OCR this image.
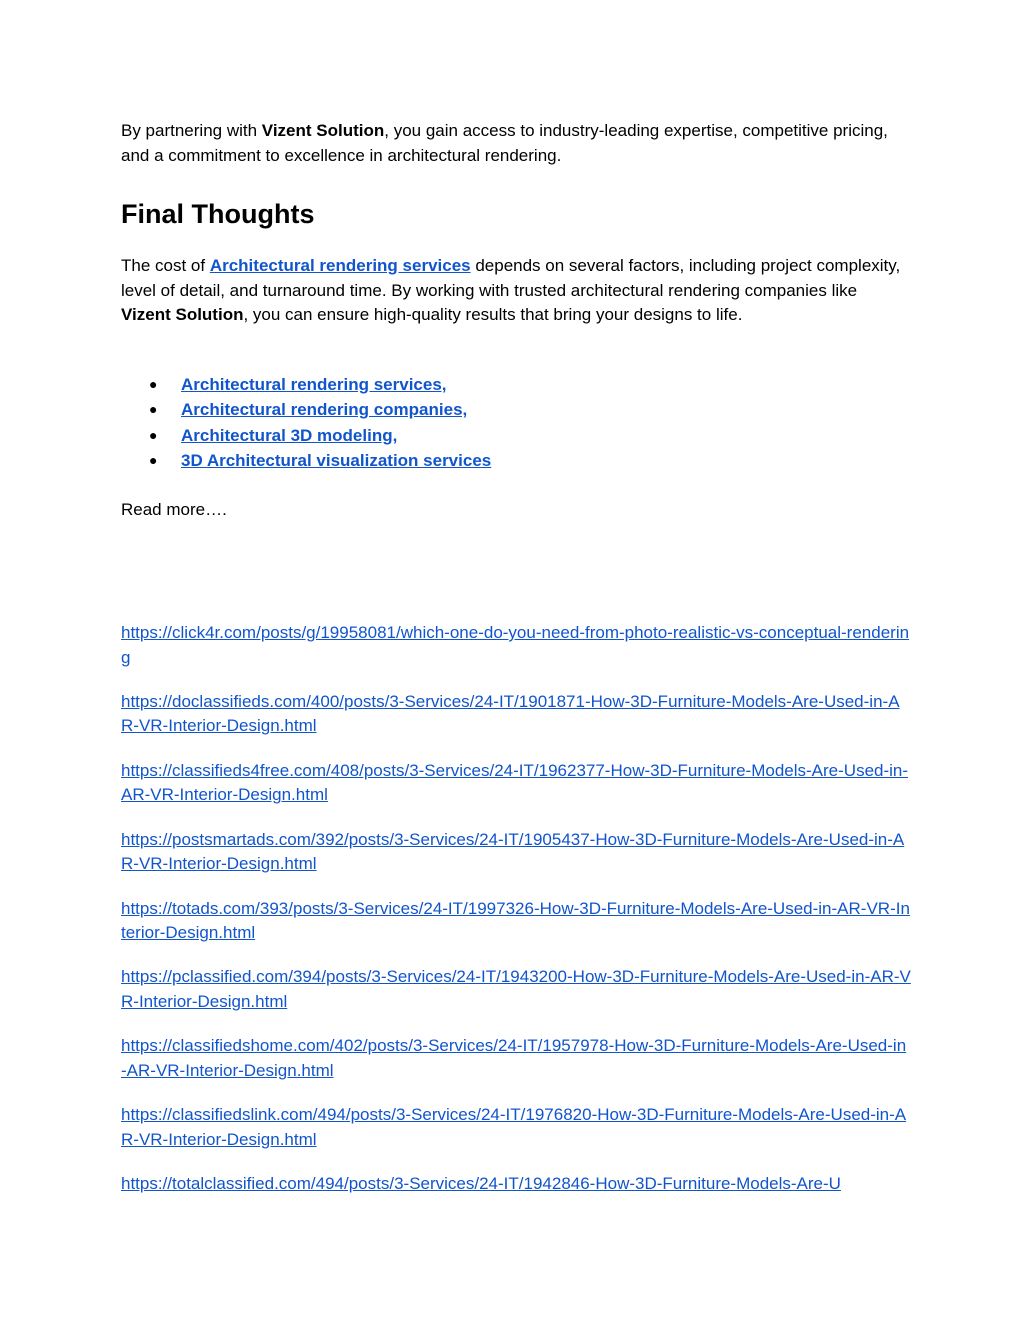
By partnering with Vizent Solution, you gain access to industry-leading expertise, competitive pricing, and a commitment to excellence in architectural rendering.

Final Thoughts

The cost of Architectural rendering services depends on several factors, including project complexity, level of detail, and turnaround time. By working with trusted architectural rendering companies like Vizent Solution, you can ensure high-quality results that bring your designs to life.

● Architectural rendering services,
● Architectural rendering companies,
● Architectural 3D modeling,
● 3D Architectural visualization services

Read more….

https://click4r.com/posts/g/19958081/which-one-do-you-need-from-photo-realistic-vs-conceptual-rendering
https://doclassifieds.com/400/posts/3-Services/24-IT/1901871-How-3D-Furniture-Models-Are-Used-in-AR-VR-Interior-Design.html
https://classifieds4free.com/408/posts/3-Services/24-IT/1962377-How-3D-Furniture-Models-Are-Used-in-AR-VR-Interior-Design.html
https://postsmartads.com/392/posts/3-Services/24-IT/1905437-How-3D-Furniture-Models-Are-Used-in-AR-VR-Interior-Design.html
https://totads.com/393/posts/3-Services/24-IT/1997326-How-3D-Furniture-Models-Are-Used-in-AR-VR-Interior-Design.html
https://pclassified.com/394/posts/3-Services/24-IT/1943200-How-3D-Furniture-Models-Are-Used-in-AR-VR-Interior-Design.html
https://classifiedshome.com/402/posts/3-Services/24-IT/1957978-How-3D-Furniture-Models-Are-Used-in-AR-VR-Interior-Design.html
https://classifiedslink.com/494/posts/3-Services/24-IT/1976820-How-3D-Furniture-Models-Are-Used-in-AR-VR-Interior-Design.html
https://totalclassified.com/494/posts/3-Services/24-IT/1942846-How-3D-Furniture-Models-Are-U
